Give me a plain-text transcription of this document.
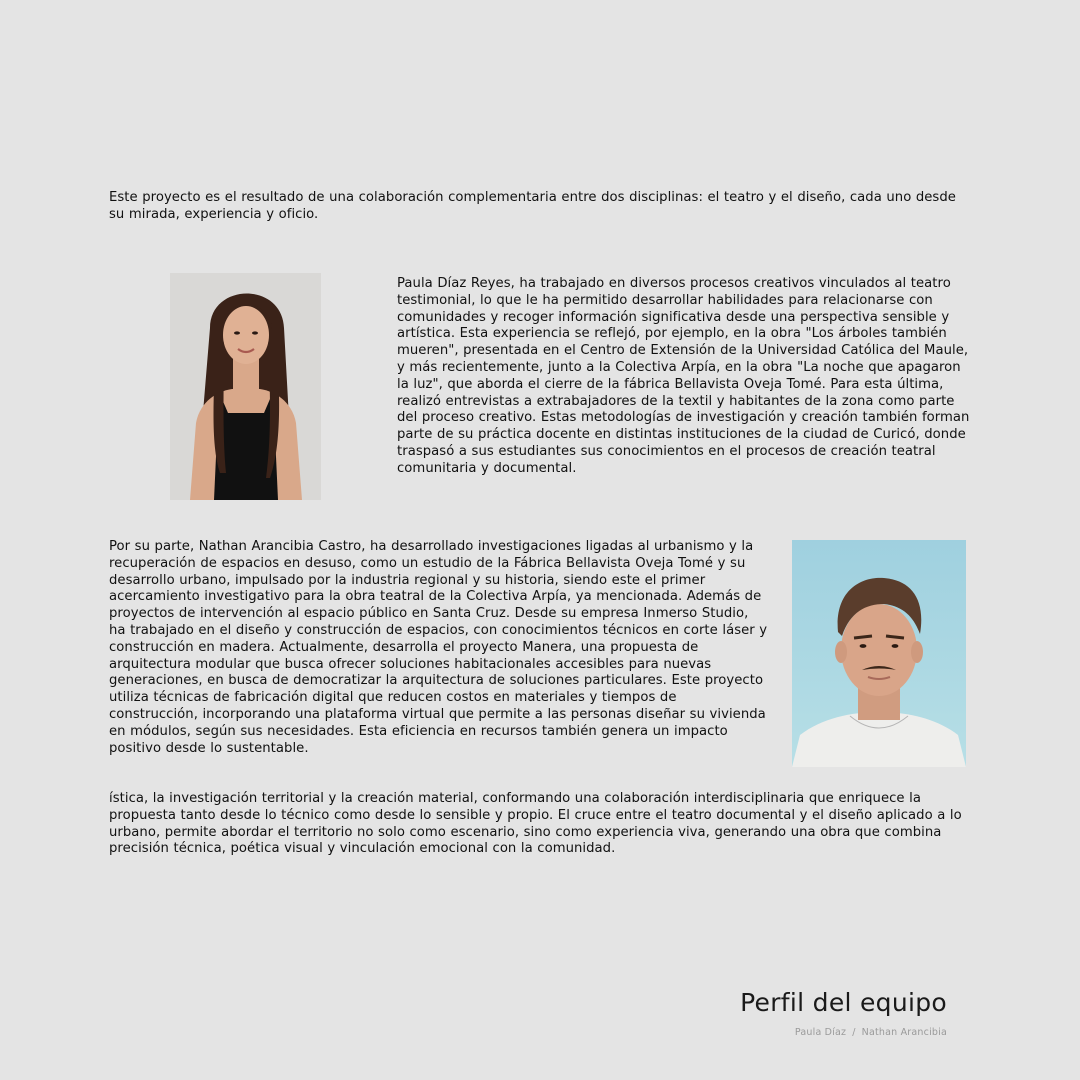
Este proyecto es el resultado de una colaboración complementaria entre dos disciplinas: el teatro y el diseño, cada uno desde su mirada, experiencia y oficio.

Paula Díaz Reyes, ha trabajado en diversos procesos creativos vinculados al teatro testimonial, lo que le ha permitido desarrollar habilidades para relacionarse con comunidades y recoger información significativa desde una perspectiva sensible y artística. Esta experiencia se reflejó, por ejemplo, en la obra "Los árboles también mueren", presentada en el Centro de Extensión de la Universidad Católica del Maule, y más recientemente, junto a la Colectiva Arpía, en la obra "La noche que apagaron la luz", que aborda el cierre de la fábrica Bellavista Oveja Tomé. Para esta última, realizó entrevistas a extrabajadores de la textil y habitantes de la zona como parte del proceso creativo. Estas metodologías de investigación y creación también forman parte de su práctica docente en distintas instituciones de la ciudad de Curicó, donde traspasó a sus estudiantes sus conocimientos en el procesos de creación teatral comunitaria y documental.

Por su parte, Nathan Arancibia Castro, ha desarrollado investigaciones ligadas al urbanismo y la recuperación de espacios en desuso, como un estudio de la Fábrica Bellavista Oveja Tomé y su desarrollo urbano, impulsado por la industria regional y su historia, siendo este el primer acercamiento investigativo para la obra teatral de la Colectiva Arpía, ya mencionada. Además de proyectos de intervención al espacio público en Santa Cruz. Desde su empresa Inmerso Studio, ha trabajado en el diseño y construcción de espacios, con conocimientos técnicos en corte láser y construcción en madera. Actualmente, desarrolla el proyecto Manera, una propuesta de arquitectura modular que busca ofrecer soluciones habitacionales accesibles para nuevas generaciones, en busca de democratizar la arquitectura de soluciones particulares. Este proyecto utiliza técnicas de fabricación digital que reducen costos en materiales y tiempos de construcción, incorporando una plataforma virtual que permite a las personas diseñar su vivienda en módulos, según sus necesidades. Esta eficiencia en recursos también genera un impacto positivo desde lo sustentable.

ística, la investigación territorial y la creación material, conformando una colaboración interdisciplinaria que enriquece la propuesta tanto desde lo técnico como desde lo sensible y propio. El cruce entre el teatro documental y el diseño aplicado a lo urbano, permite abordar el territorio no solo como escenario, sino como experiencia viva, generando una obra que combina precisión técnica, poética visual y vinculación emocional con la comunidad.

Perfil del equipo
Paula Díaz / Nathan Arancibia
